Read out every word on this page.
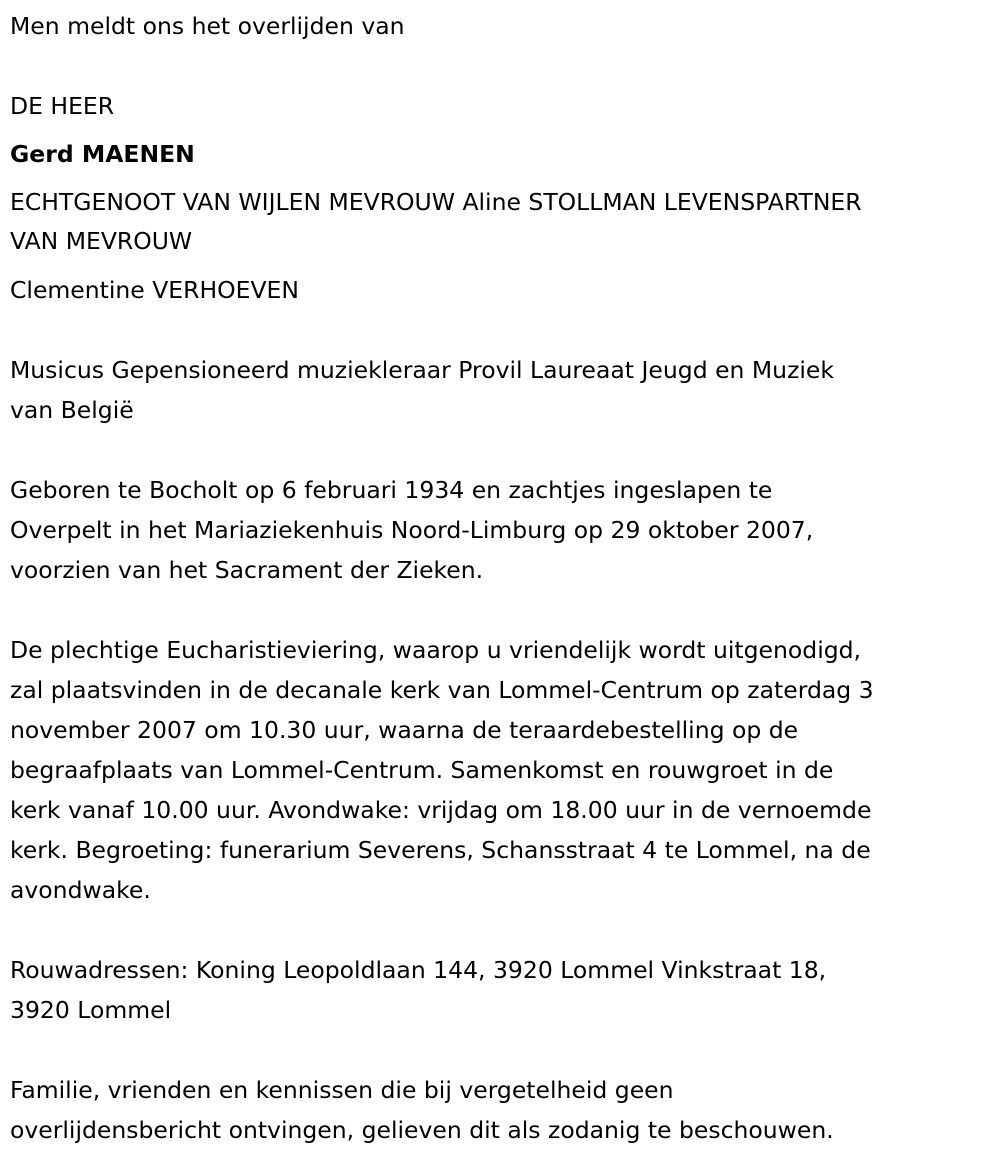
Men meldt ons het overlijden van
DE HEER
Gerd MAENEN
ECHTGENOOT VAN WIJLEN MEVROUW Aline STOLLMAN LEVENSPARTNER
VAN MEVROUW
Clementine VERHOEVEN
Musicus Gepensioneerd muziekleraar Provil Laureaat Jeugd en Muziek
van België
Geboren te Bocholt op 6 februari 1934 en zachtjes ingeslapen te
Overpelt in het Mariaziekenhuis Noord-Limburg op 29 oktober 2007,
voorzien van het Sacrament der Zieken.
De plechtige Eucharistieviering, waarop u vriendelijk wordt uitgenodigd,
zal plaatsvinden in de decanale kerk van Lommel-Centrum op zaterdag 3
november 2007 om 10.30 uur, waarna de teraardebestelling op de
begraafplaats van Lommel-Centrum. Samenkomst en rouwgroet in de
kerk vanaf 10.00 uur. Avondwake: vrijdag om 18.00 uur in de vernoemde
kerk. Begroeting: funerarium Severens, Schansstraat 4 te Lommel, na de
avondwake.
Rouwadressen: Koning Leopoldlaan 144, 3920 Lommel Vinkstraat 18,
3920 Lommel
Familie, vrienden en kennissen die bij vergetelheid geen
overlijdensbericht ontvingen, gelieven dit als zodanig te beschouwen.
